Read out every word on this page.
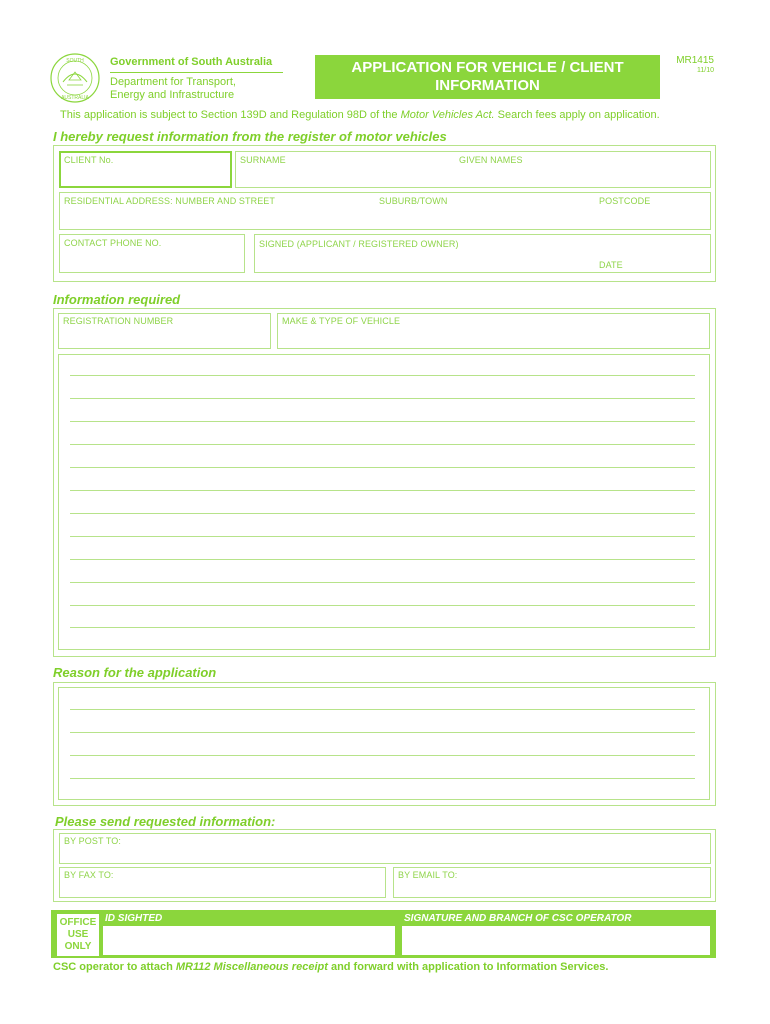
SOUTH
AUSTRALIA
Government of South Australia
Department for Transport,
Energy and Infrastructure
APPLICATION FOR VEHICLE / CLIENT
INFORMATION
MR1415
11/10
This application is subject to Section 139D and Regulation 98D of the Motor Vehicles Act. Search fees apply on application.
I hereby request information from the register of motor vehicles
CLIENT No.	SURNAME	GIVEN NAMES
RESIDENTIAL ADDRESS: NUMBER AND STREET	SUBURB/TOWN	POSTCODE
CONTACT PHONE NO.	SIGNED (APPLICANT / REGISTERED OWNER)
DATE
Information required
REGISTRATION NUMBER	MAKE & TYPE OF VEHICLE
Reason for the application
Please send requested information:
BY POST TO:
BY FAX TO:	BY EMAIL TO:
OFFICE
USE
ONLY
ID SIGHTED	SIGNATURE AND BRANCH OF CSC OPERATOR
CSC operator to attach MR112 Miscellaneous receipt and forward with application to Information Services.
